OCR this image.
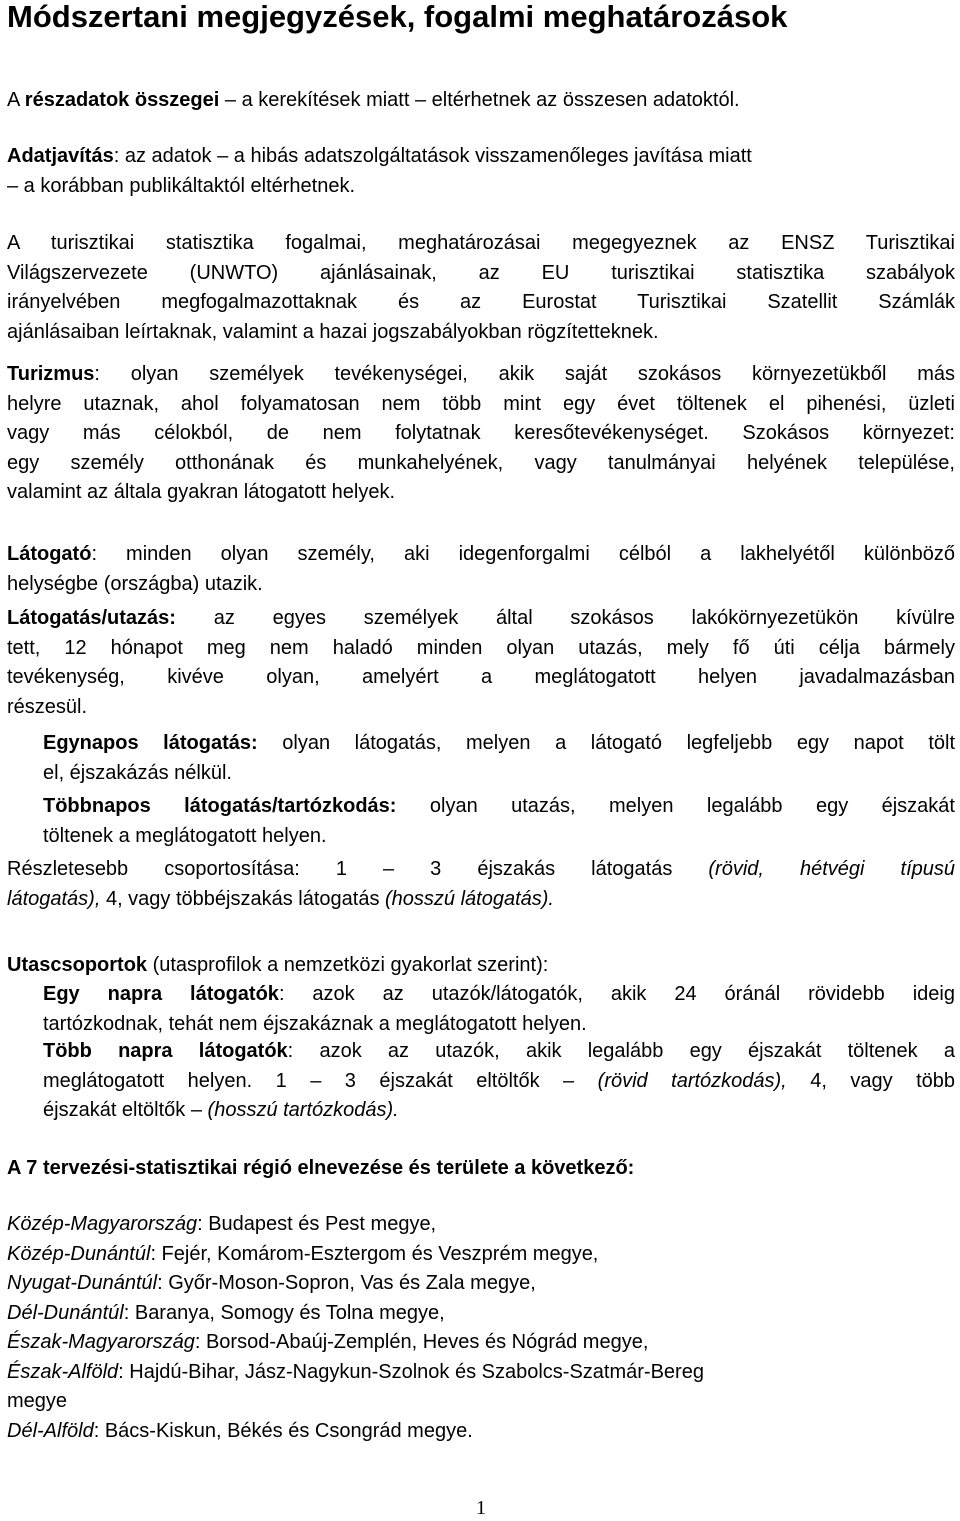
Módszertani megjegyzések, fogalmi meghatározások

A részadatok összegei – a kerekítések miatt – eltérhetnek az összesen adatoktól.

Adatjavítás: az adatok – a hibás adatszolgáltatások visszamenőleges javítása miatt
– a korábban publikáltaktól eltérhetnek.

A turisztikai statisztika fogalmai, meghatározásai megegyeznek az ENSZ Turisztikai
Világszervezete (UNWTO) ajánlásainak, az EU turisztikai statisztika szabályok
irányelvében megfogalmazottaknak és az Eurostat Turisztikai Szatellit Számlák
ajánlásaiban leírtaknak, valamint a hazai jogszabályokban rögzítetteknek.

Turizmus: olyan személyek tevékenységei, akik saját szokásos környezetükből más
helyre utaznak, ahol folyamatosan nem több mint egy évet töltenek el pihenési, üzleti
vagy más célokból, de nem folytatnak keresőtevékenységet. Szokásos környezet:
egy személy otthonának és munkahelyének, vagy tanulmányai helyének települése,
valamint az általa gyakran látogatott helyek.

Látogató: minden olyan személy, aki idegenforgalmi célból a lakhelyétől különböző
helységbe (országba) utazik.

Látogatás/utazás: az egyes személyek által szokásos lakókörnyezetükön kívülre
tett, 12 hónapot meg nem haladó minden olyan utazás, mely fő úti célja bármely
tevékenység, kivéve olyan, amelyért a meglátogatott helyen javadalmazásban
részesül.

Egynapos látogatás: olyan látogatás, melyen a látogató legfeljebb egy napot tölt
el, éjszakázás nélkül.

Többnapos látogatás/tartózkodás: olyan utazás, melyen legalább egy éjszakát
töltenek a meglátogatott helyen.

Részletesebb csoportosítása: 1 – 3 éjszakás látogatás (rövid, hétvégi típusú
látogatás), 4, vagy többéjszakás látogatás (hosszú látogatás).

Utascsoportok (utasprofilok a nemzetközi gyakorlat szerint):

Egy napra látogatók: azok az utazók/látogatók, akik 24 óránál rövidebb ideig
tartózkodnak, tehát nem éjszakáznak a meglátogatott helyen.

Több napra látogatók: azok az utazók, akik legalább egy éjszakát töltenek a
meglátogatott helyen. 1 – 3 éjszakát eltöltők – (rövid tartózkodás), 4, vagy több
éjszakát eltöltők – (hosszú tartózkodás).

A 7 tervezési-statisztikai régió elnevezése és területe a következő:

Közép-Magyarország: Budapest és Pest megye,
Közép-Dunántúl: Fejér, Komárom-Esztergom és Veszprém megye,
Nyugat-Dunántúl: Győr-Moson-Sopron, Vas és Zala megye,
Dél-Dunántúl: Baranya, Somogy és Tolna megye,
Észak-Magyarország: Borsod-Abaúj-Zemplén, Heves és Nógrád megye,
Észak-Alföld: Hajdú-Bihar, Jász-Nagykun-Szolnok és Szabolcs-Szatmár-Bereg
megye
Dél-Alföld: Bács-Kiskun, Békés és Csongrád megye.
1
